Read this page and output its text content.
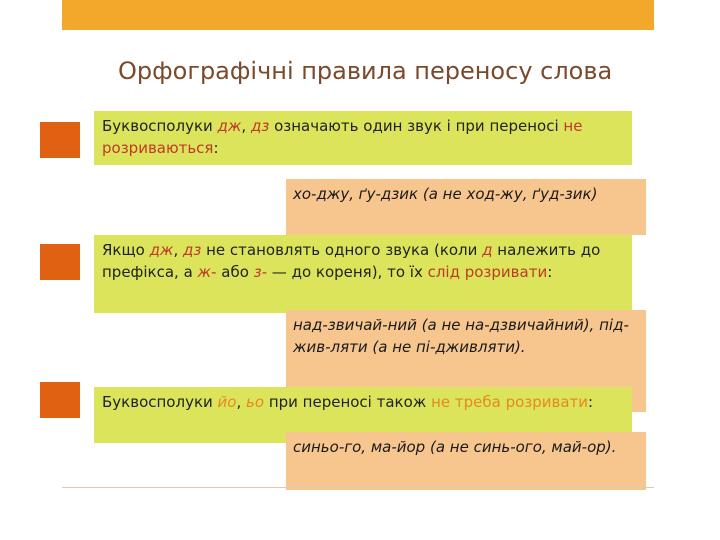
Орфографічні правила переносу слова
Буквосполуки дж, дз означають один звук і при переносі не розриваються:
хо-джу, ґу-дзик (а не ход-жу, ґуд-зик)
Якщо дж, дз не становлять одного звука (коли д належить до префікса, а ж- або з- — до кореня), то їх слід розривати:
над-звичай-ний (а не на-дзвичайний), під-жив-ляти (а не пі-дживляти).
Буквосполуки йо, ьо при переносі також не треба розривати:
синьо-го, ма-йор (а не синь-ого, май-ор).
